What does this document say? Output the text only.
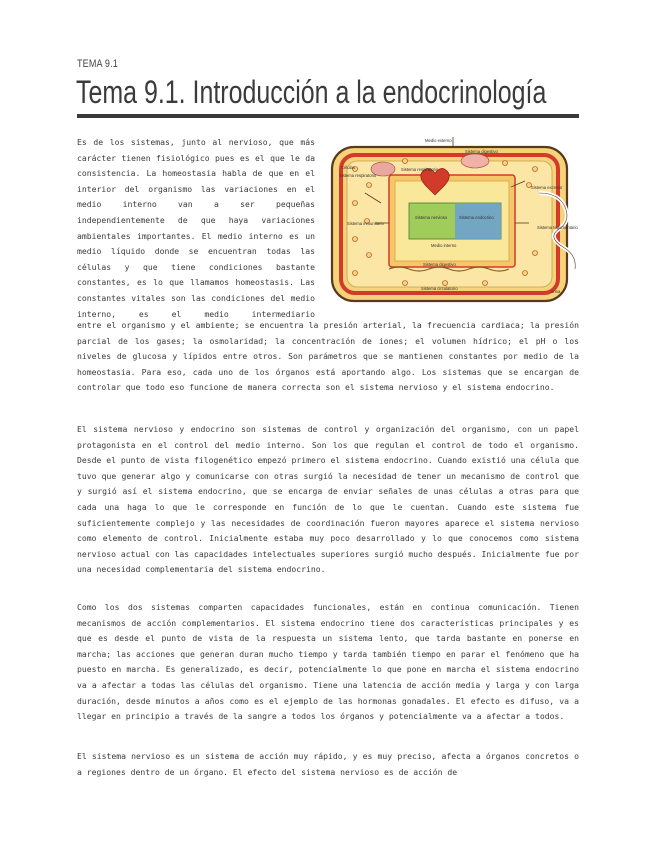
TEMA 9.1
Tema 9.1. Introducción a la endocrinología
Es de los sistemas, junto al nervioso, que más carácter tienen fisiológico pues es el que le da consistencia. La homeostasia habla de que en el interior del organismo las variaciones en el medio interno van a ser pequeñas independientemente de que haya variaciones ambientales importantes. El medio interno es un medio líquido donde se encuentran todas las células y que tiene condiciones bastante constantes, es lo que llamamos homeostasis. Las constantes vitales son las condiciones del medio interno, es el medio intermediario
Medio externo
Sistema digestivo
Sistema respiratorio
Células
Sistema respiratorio
Sistema excretor
Sistema inmunitario
Sistema nervioso	Sistema endocrino
Medio interno
Sistema digestivo
Sistema circulatorio
Sistema tegumentario
orina
entre el organismo y el ambiente; se encuentra la presión arterial, la frecuencia cardiaca; la presión parcial de los gases; la osmolaridad; la concentración de iones; el volumen hídrico; el pH o los niveles de glucosa y lípidos entre otros. Son parámetros que se mantienen constantes por medio de la homeostasia. Para eso, cada uno de los órganos está aportando algo. Los sistemas que se encargan de controlar que todo eso funcione de manera correcta son el sistema nervioso y el sistema endocrino.
El sistema nervioso y endocrino son sistemas de control y organización del organismo, con un papel protagonista en el control del medio interno. Son los que regulan el control de todo el organismo. Desde el punto de vista filogenético empezó primero el sistema endocrino. Cuando existió una célula que tuvo que generar algo y comunicarse con otras surgió la necesidad de tener un mecanismo de control que y surgió así el sistema endocrino, que se encarga de enviar señales de unas células a otras para que cada una haga lo que le corresponde en función de lo que le cuentan. Cuando este sistema fue suficientemente complejo y las necesidades de coordinación fueron mayores aparece el sistema nervioso como elemento de control. Inicialmente estaba muy poco desarrollado y lo que conocemos como sistema nervioso actual con las capacidades intelectuales superiores surgió mucho después. Inicialmente fue por una necesidad complementaria del sistema endocrino.
Como los dos sistemas comparten capacidades funcionales, están en continua comunicación. Tienen mecanismos de acción complementarios. El sistema endocrino tiene dos características principales y es que es desde el punto de vista de la respuesta un sistema lento, que tarda bastante en ponerse en marcha; las acciones que generan duran mucho tiempo y tarda también tiempo en parar el fenómeno que ha puesto en marcha. Es generalizado, es decir, potencialmente lo que pone en marcha el sistema endocrino va a afectar a todas las células del organismo. Tiene una latencia de acción media y larga y con larga duración, desde minutos a años como es el ejemplo de las hormonas gonadales. El efecto es difuso, va a llegar en principio a través de la sangre a todos los órganos y potencialmente va a afectar a todos.
El sistema nervioso es un sistema de acción muy rápido, y es muy preciso, afecta a órganos concretos o a regiones dentro de un órgano. El efecto del sistema nervioso es de acción de
